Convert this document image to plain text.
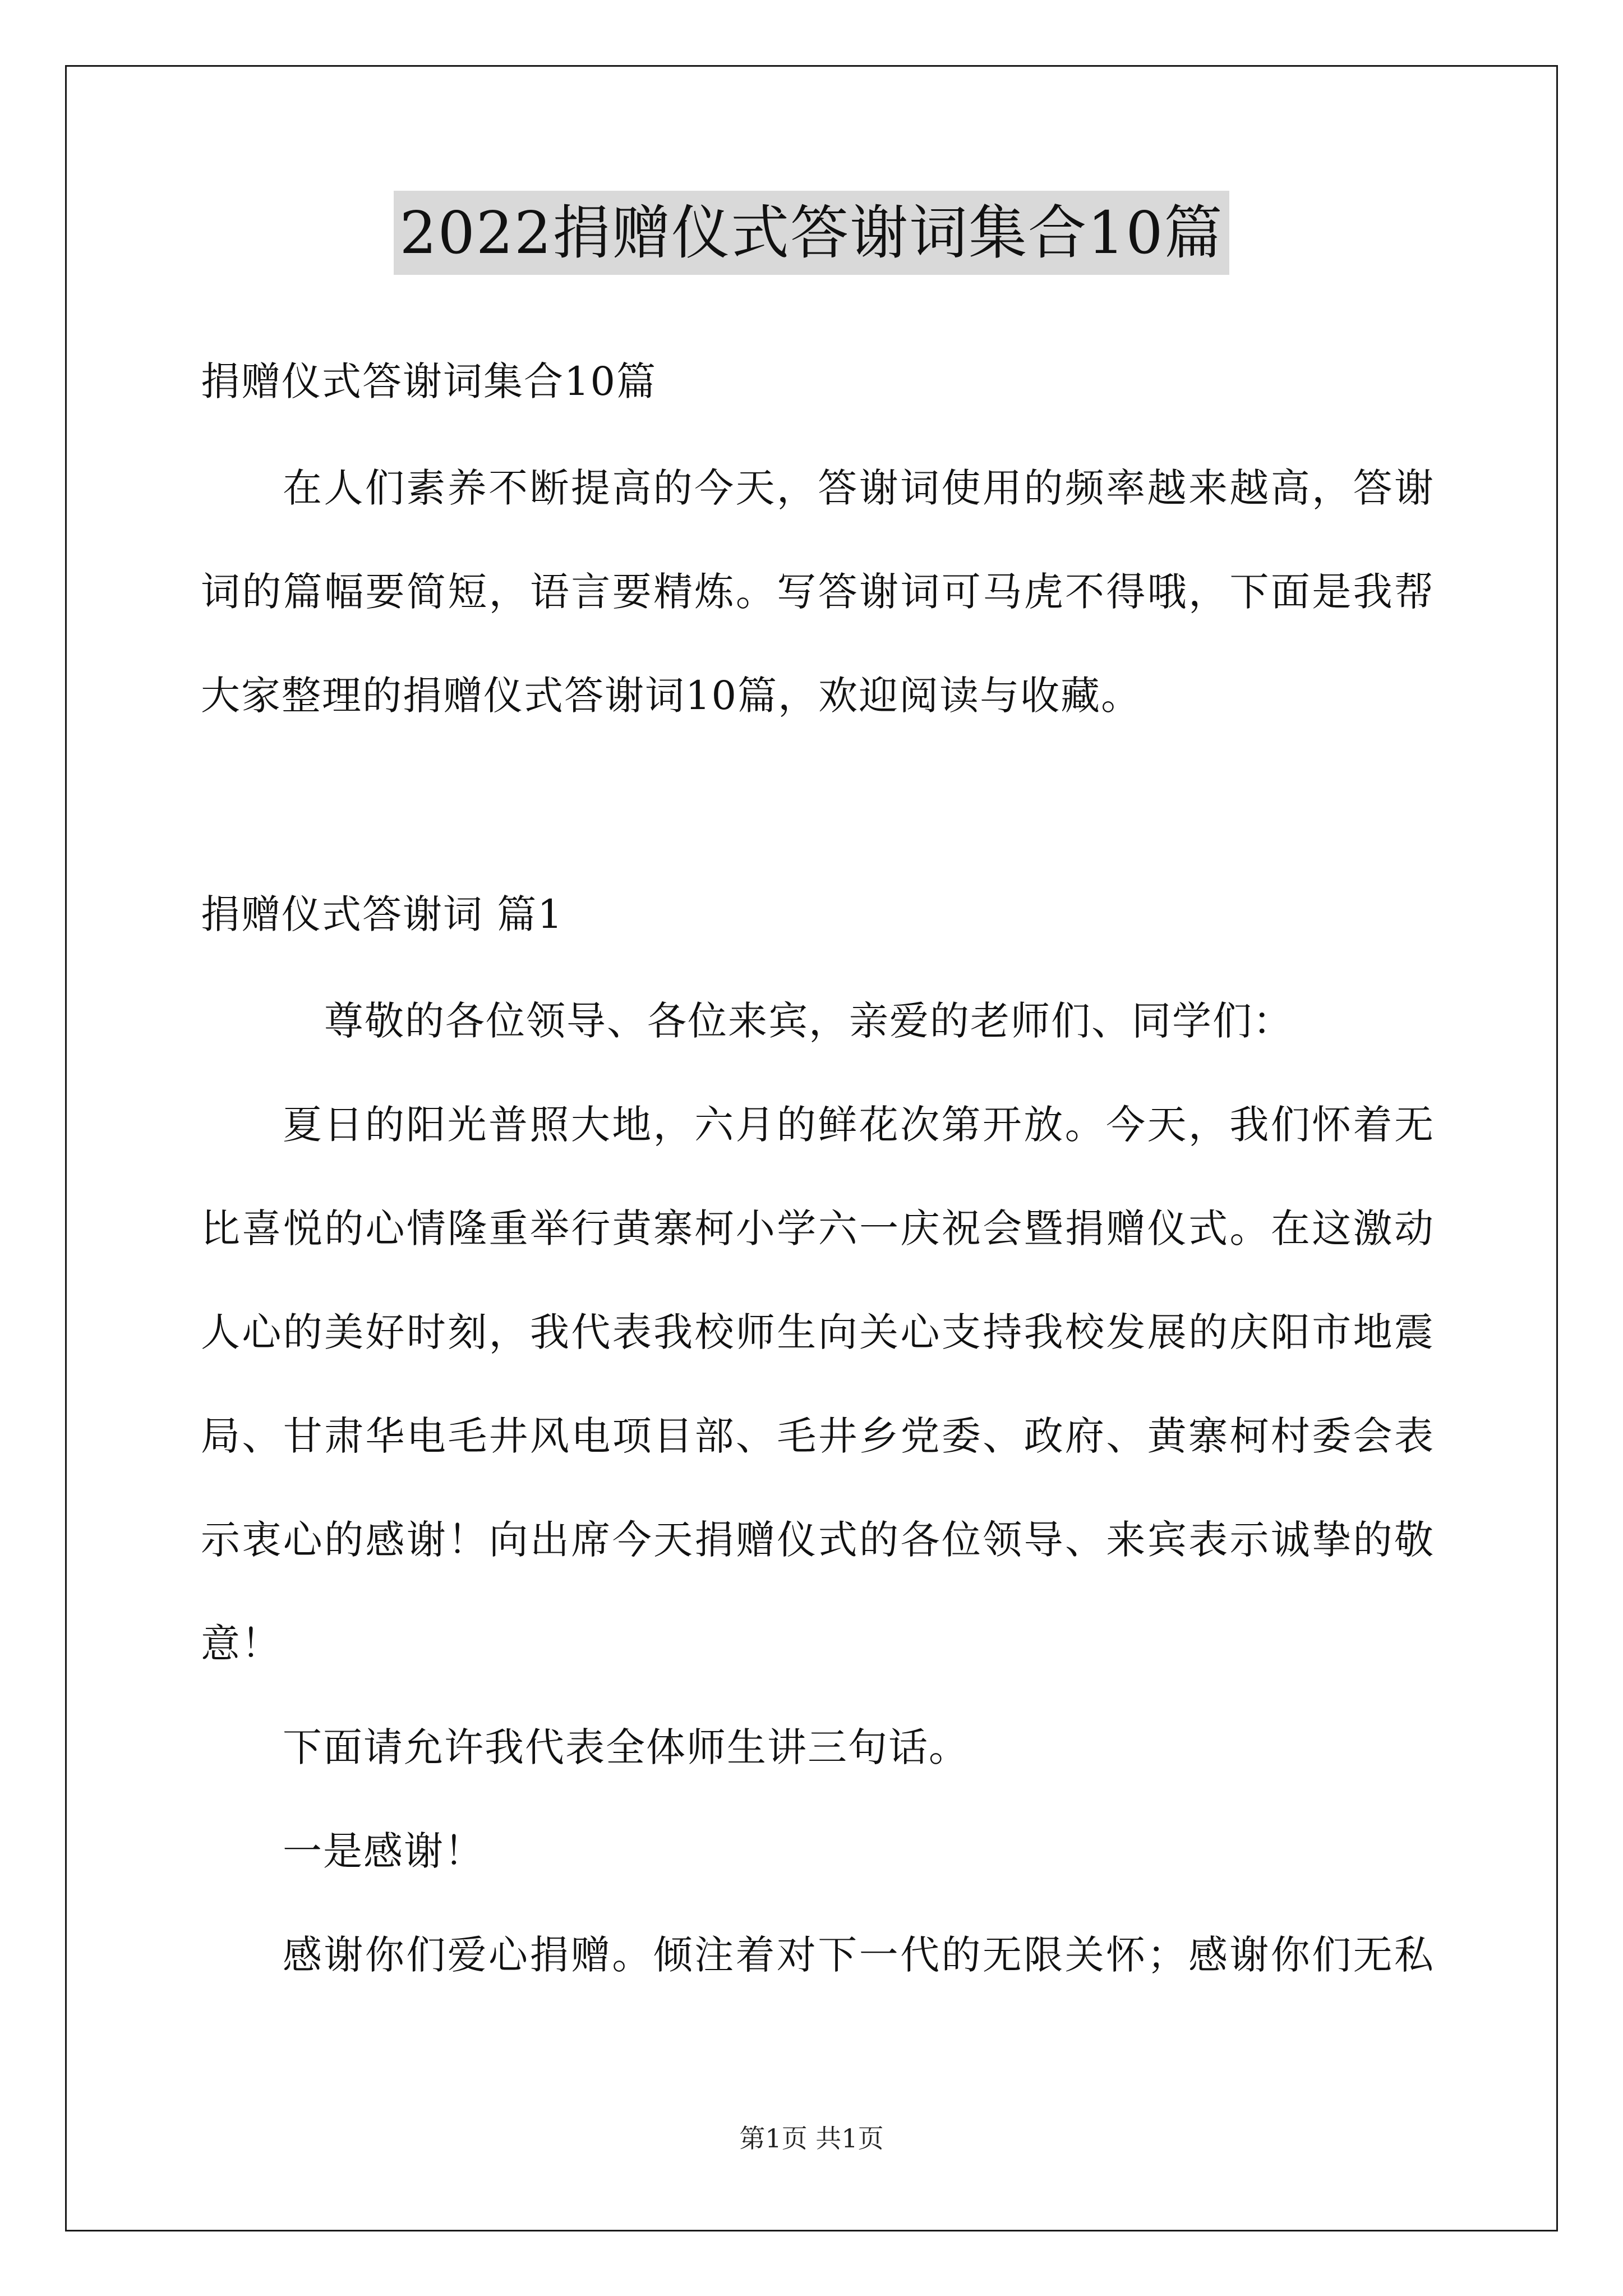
2022捐赠仪式答谢词集合10篇
捐赠仪式答谢词集合10篇
在人们素养不断提高的今天，答谢词使用的频率越来越高，答谢
词的篇幅要简短，语言要精炼。写答谢词可马虎不得哦，下面是我帮
大家整理的捐赠仪式答谢词10篇，欢迎阅读与收藏。
捐赠仪式答谢词 篇1
尊敬的各位领导、各位来宾，亲爱的老师们、同学们：
夏日的阳光普照大地，六月的鲜花次第开放。今天，我们怀着无
比喜悦的心情隆重举行黄寨柯小学六一庆祝会暨捐赠仪式。在这激动
人心的美好时刻，我代表我校师生向关心支持我校发展的庆阳市地震
局、甘肃华电毛井风电项目部、毛井乡党委、政府、黄寨柯村委会表
示衷心的感谢！向出席今天捐赠仪式的各位领导、来宾表示诚挚的敬
意！
下面请允许我代表全体师生讲三句话。
一是感谢！
感谢你们爱心捐赠。倾注着对下一代的无限关怀；感谢你们无私
第1页 共1页
